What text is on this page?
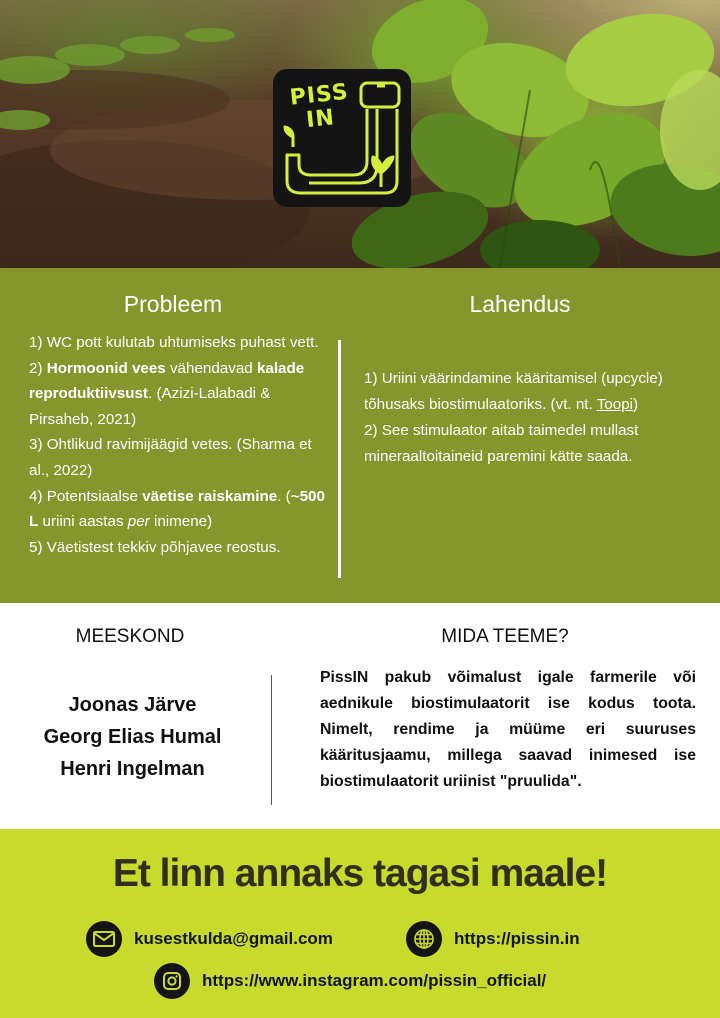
PISS
IN
Probleem	Lahendus
1) WC pott kulutab uhtumiseks puhast vett.
2) Hormoonid vees vähendavad kalade reproduktiivsust. (Azizi-Lalabadi & Pirsaheb, 2021)
3) Ohtlikud ravimijäägid vetes. (Sharma et al., 2022)
4) Potentsiaalse väetise raiskamine. (~500 L uriini aastas per inimene)
5) Väetistest tekkiv põhjavee reostus.
1) Uriini väärindamine kääritamisel (upcycle) tõhusaks biostimulaatoriks. (vt. nt. Toopi)
2) See stimulaator aitab taimedel mullast mineraaltoitaineid paremini kätte saada.
MEESKOND	MIDA TEEME?
Joonas Järve
Georg Elias Humal
Henri Ingelman
PissIN pakub võimalust igale farmerile või aednikule biostimulaatorit ise kodus toota. Nimelt, rendime ja müüme eri suuruses kääritusjaamu, millega saavad inimesed ise biostimulaatorit uriinist "pruulida".
Et linn annaks tagasi maale!
kusestkulda@gmail.com	https://pissin.in
https://www.instagram.com/pissin_official/
